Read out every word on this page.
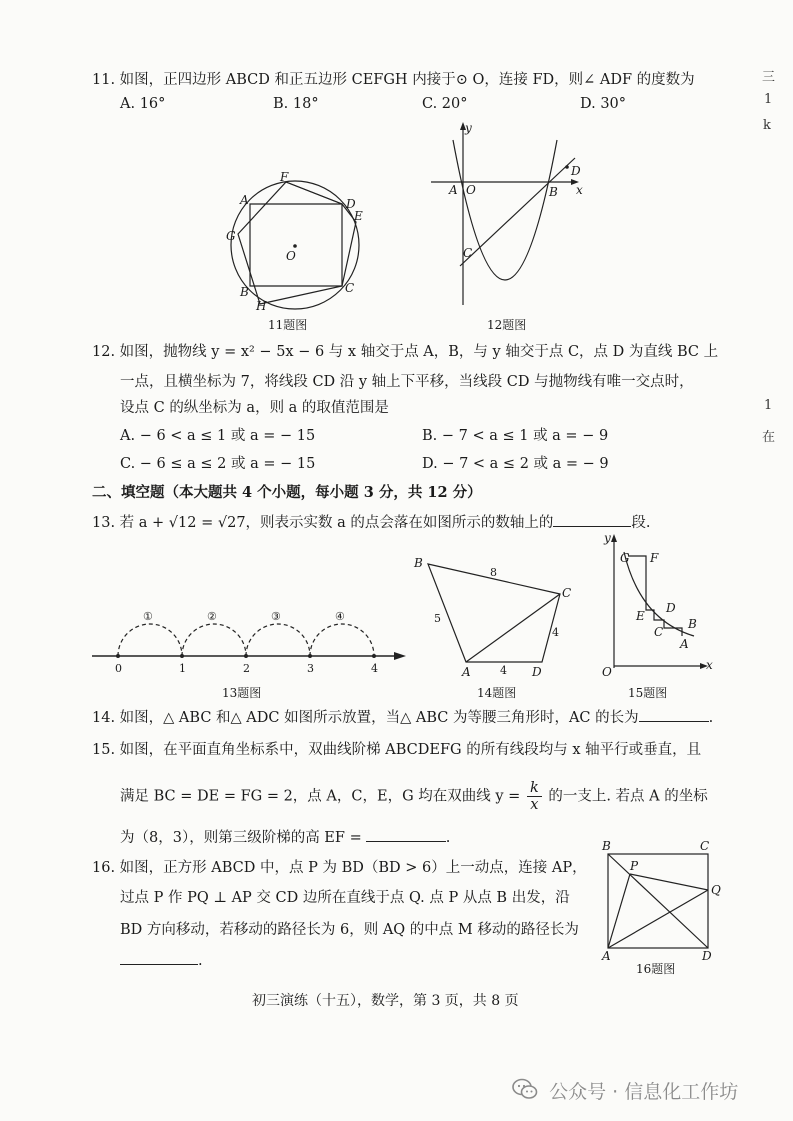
11. 如图，正四边形 ABCD 和正五边形 CEFGH 内接于⊙ O，连接 FD，则∠ ADF 的度数为
A. 16°	B. 18°	C. 20°	D. 30°
F
A	D
E
G
O
B	C
H
11题图
y
x
A O	B
D
C
12题图
12. 如图，抛物线 y = x² − 5x − 6 与 x 轴交于点 A，B，与 y 轴交于点 C，点 D 为直线 BC 上
一点，且横坐标为 7，将线段 CD 沿 y 轴上下平移，当线段 CD 与抛物线有唯一交点时，
设点 C 的纵坐标为 a，则 a 的取值范围是
A. − 6 < a ≤ 1 或 a = − 15	B. − 7 < a ≤ 1 或 a = − 9
C. − 6 ≤ a ≤ 2 或 a = − 15	D. − 7 < a ≤ 2 或 a = − 9
二、填空题（本大题共 4 个小题，每小题 3 分，共 12 分）
13. 若 a + √12 = √27，则表示实数 a 的点会落在如图所示的数轴上的	段.
①	②	③	④
0	1	2	3	4
13题图
B
C
A	D
8
5
4
4
14题图
y
x
O
G F
E
D
C
B
A
15题图
14. 如图，△ ABC 和△ ADC 如图所示放置，当△ ABC 为等腰三角形时，AC 的长为	.
15. 如图，在平面直角坐标系中，双曲线阶梯 ABCDEFG 的所有线段均与 x 轴平行或垂直，且
满足 BC = DE = FG = 2，点 A，C，E，G 均在双曲线 $y = \frac{k}{x}$ 的一支上. 若点 A 的坐标
为（8，3），则第三级阶梯的高 EF =	.
16. 如图，正方形 ABCD 中，点 P 为 BD（BD > 6）上一动点，连接 AP，
过点 P 作 PQ ⊥ AP 交 CD 边所在直线于点 Q. 点 P 从点 B 出发，沿
BD 方向移动，若移动的路径长为 6，则 AQ 的中点 M 移动的路径长为
.
B	C
P
Q
A	D
16题图
初三演练（十五），数学，第 3 页，共 8 页
公众号 · 信息化工作坊
三
1
k
1
在
